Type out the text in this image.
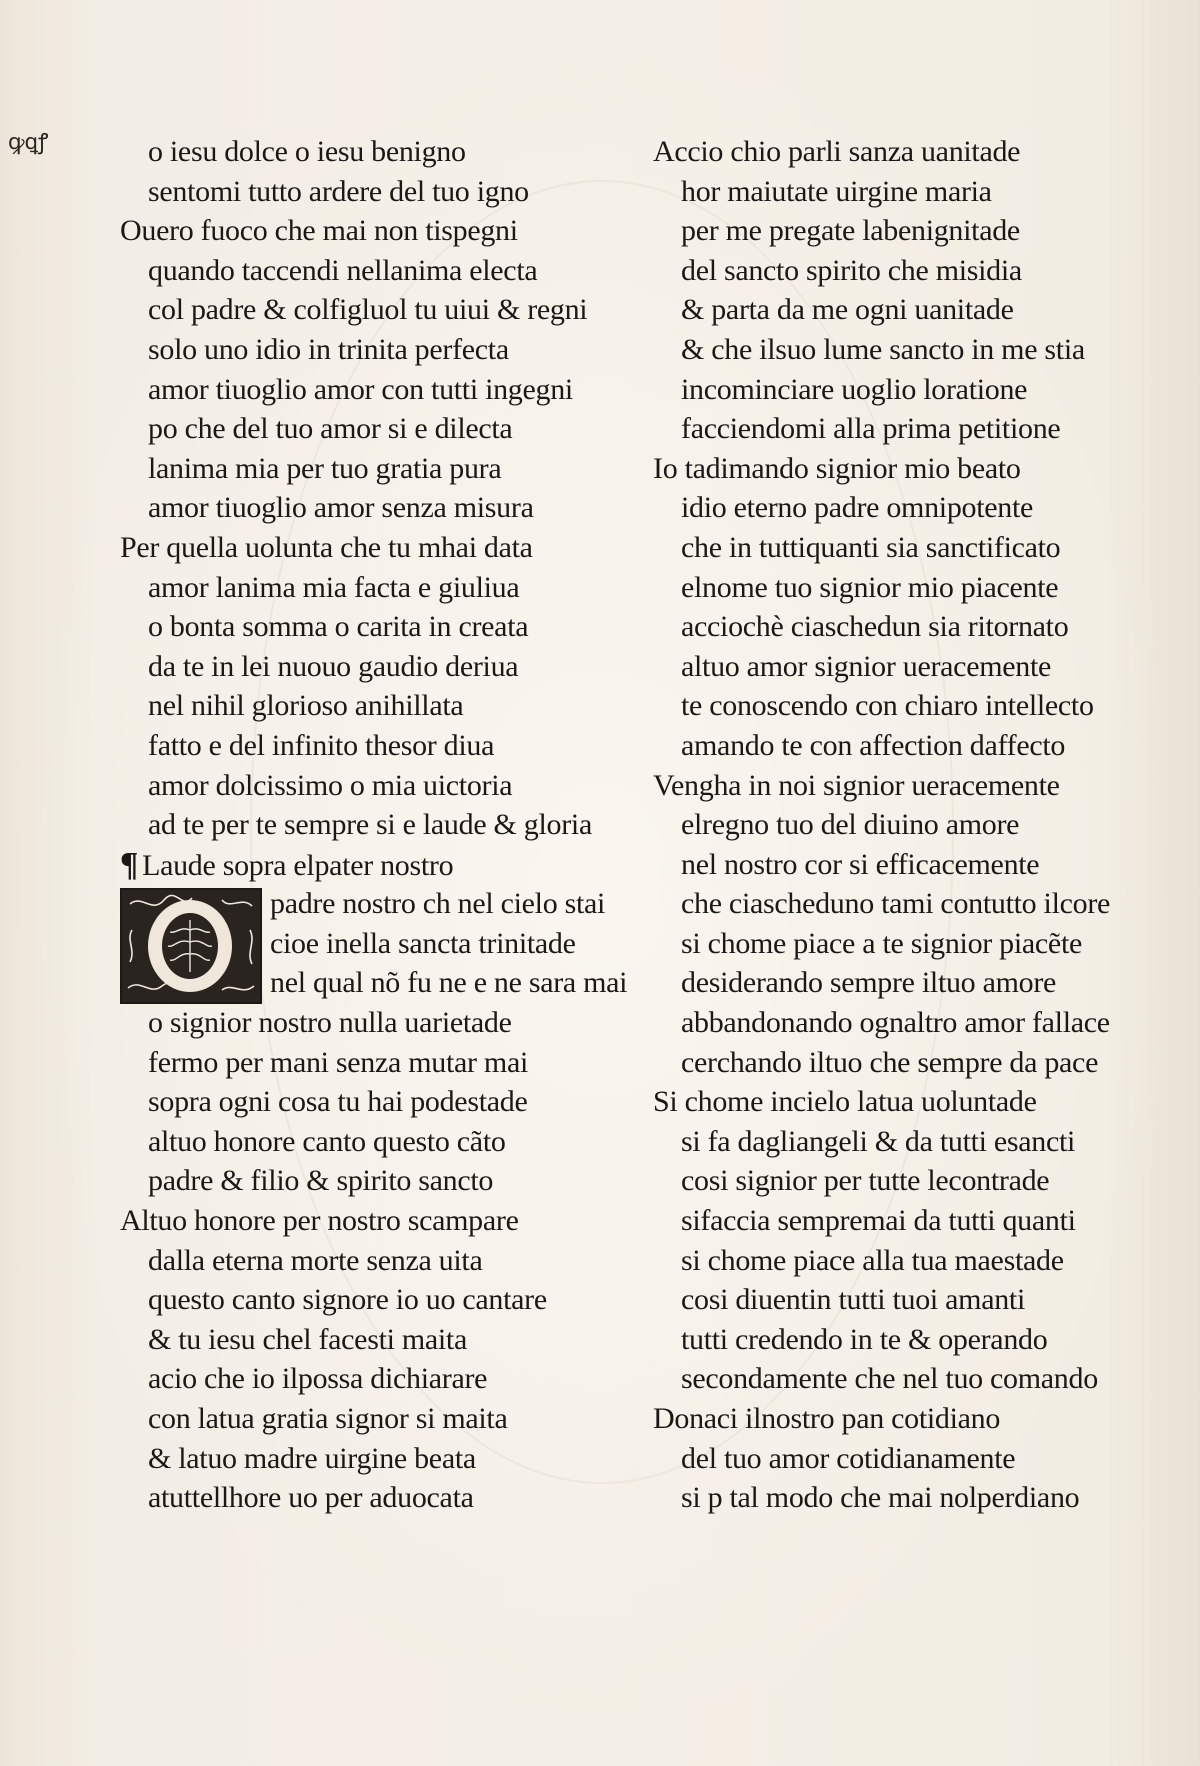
ꝙꝗꝭ	o iesu dolce o iesu benigno
sentomi tutto ardere del tuo igno
Ouero fuoco che mai non tispegni
quando taccendi nellanima electa
col padre & colfigluol tu uiui & regni
solo uno idio in trinita perfecta
amor tiuoglio amor con tutti ingegni
po che del tuo amor si e dilecta
lanima mia per tuo gratia pura
amor tiuoglio amor senza misura
Per quella uolunta che tu mhai data
amor lanima mia facta e giuliua
o bonta somma o carita in creata
da te in lei nuouo gaudio deriua
nel nihil glorioso anihillata
fatto e del infinito thesor diua
amor dolcissimo o mia uictoria
ad te per te sempre si e laude & gloria
¶ Laude sopra elpater nostro
padre nostro ch nel cielo stai
cioe inella sancta trinitade
nel qual nõ fu ne e ne sara mai
o signior nostro nulla uarietade
fermo per mani senza mutar mai
sopra ogni cosa tu hai podestade
altuo honore canto questo cãto
padre & filio & spirito sancto
Altuo honore per nostro scampare
dalla eterna morte senza uita
questo canto signore io uo cantare
& tu iesu chel facesti maita
acio che io ilpossa dichiarare
con latua gratia signor si maita
& latuo madre uirgine beata
atuttellhore uo per aduocata
Accio chio parli sanza uanitade
hor maiutate uirgine maria
per me pregate labenignitade
del sancto spirito che misidia
& parta da me ogni uanitade
& che ilsuo lume sancto in me stia
incominciare uoglio loratione
facciendomi alla prima petitione
Io tadimando signior mio beato
idio eterno padre omnipotente
che in tuttiquanti sia sanctificato
elnome tuo signior mio piacente
acciochè ciaschedun sia ritornato
altuo amor signior ueracemente
te conoscendo con chiaro intellecto
amando te con affection daffecto
Vengha in noi signior ueracemente
elregno tuo del diuino amore
nel nostro cor si efficacemente
che ciascheduno tami contutto ilcore
si chome piace a te signior piacẽte
desiderando sempre iltuo amore
abbandonando ognaltro amor fallace
cerchando iltuo che sempre da pace
Si chome incielo latua uoluntade
si fa dagliangeli & da tutti esancti
cosi signior per tutte lecontrade
sifaccia sempremai da tutti quanti
si chome piace alla tua maestade
cosi diuentin tutti tuoi amanti
tutti credendo in te & operando
secondamente che nel tuo comando
Donaci ilnostro pan cotidiano
del tuo amor cotidianamente
si p tal modo che mai nolperdiano
